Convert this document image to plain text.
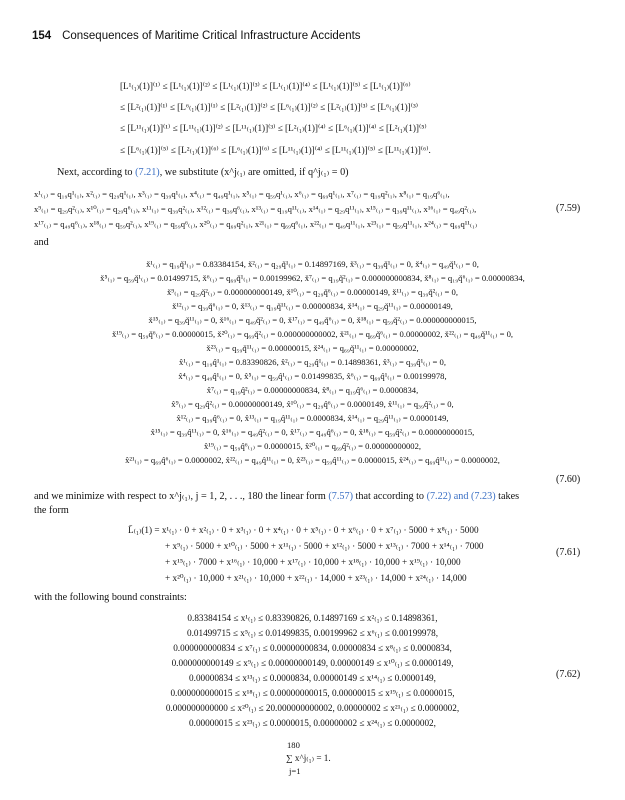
154 Consequences of Maritime Critical Infrastructure Accidents
[L¹₍₁₎(1)]⁽¹⁾ ≤ [L¹₍₁₎(1)]⁽²⁾ ≤ [L¹₍₁₎(1)]⁽³⁾ ≤ [L¹₍₁₎(1)]⁽⁴⁾ ≤ [L¹₍₁₎(1)]⁽⁵⁾ ≤ [L¹₍₁₎(1)]⁽⁶⁾
≤ [L²₍₁₎(1)]⁽¹⁾ ≤ [L⁶₍₁₎(1)]⁽¹⁾ ≤ [L²₍₁₎(1)]⁽²⁾ ≤ [L⁶₍₁₎(1)]⁽²⁾ ≤ [L²₍₁₎(1)]⁽³⁾ ≤ [L⁶₍₁₎(1)]⁽³⁾
≤ [L¹¹₍₁₎(1)]⁽¹⁾ ≤ [L¹¹₍₁₎(1)]⁽²⁾ ≤ [L¹¹₍₁₎(1)]⁽³⁾ ≤ [L²₍₁₎(1)]⁽⁴⁾ ≤ [L⁶₍₁₎(1)]⁽⁴⁾ ≤ [L²₍₁₎(1)]⁽⁵⁾
≤ [L⁶₍₁₎(1)]⁽⁵⁾ ≤ [L²₍₁₎(1)]⁽⁶⁾ ≤ [L⁶₍₁₎(1)]⁽⁶⁾ ≤ [L¹¹₍₁₎(1)]⁽⁴⁾ ≤ [L¹¹₍₁₎(1)]⁽⁵⁾ ≤ [L¹¹₍₁₎(1)]⁽⁶⁾.
Next, according to (7.21), we substitute (x^j₍₁₎ are omitted, if q^j₍₁₎ = 0)
x¹₍₁₎ = q₁₉q¹₍₁₎, x²₍₁₎ = q₂₉q¹₍₁₎, x³₍₁₎ = q₃₉q¹₍₁₎, x⁴₍₁₎ = q₄₉q¹₍₁₎, x⁵₍₁₎ = q₅₉q¹₍₁₎, x⁶₍₁₎ = q₆₉q¹₍₁₎, x⁷₍₁₎ = q₁₉q²₍₁₎, x⁸₍₁₎ = q₁₉q⁶₍₁₎,
x⁹₍₁₎ = q₂₉q²₍₁₎, x¹⁰₍₁₎ = q₂₉q⁶₍₁₎, x¹¹₍₁₎ = q₃₉q²₍₁₎, x¹²₍₁₎ = q₃₉q⁶₍₁₎, x¹³₍₁₎ = q₁₉q¹¹₍₁₎, x¹⁴₍₁₎ = q₂₉q¹¹₍₁₎, x¹⁵₍₁₎ = q₃₉q¹¹₍₁₎, x¹⁶₍₁₎ = q₄₉q²₍₁₎,
x¹⁷₍₁₎ = q₄₉q⁶₍₁₎, x¹⁸₍₁₎ = q₅₉q²₍₁₎, x¹⁹₍₁₎ = q₅₉q⁶₍₁₎, x²⁰₍₁₎ = q₆₉q²₍₁₎, x²¹₍₁₎ = q₆₉q⁶₍₁₎, x²²₍₁₎ = q₄₉q¹¹₍₁₎, x²³₍₁₎ = q₅₉q¹¹₍₁₎, x²⁴₍₁₎ = q₆₉q¹¹₍₁₎
(7.59)
and
x̌¹₍₁₎ = q₁₉q̌¹₍₁₎ = 0.83384154, x̌²₍₁₎ = q₂₉q̌¹₍₁₎ = 0.14897169, x̌³₍₁₎ = q₃₉q̌¹₍₁₎ = 0, x̌⁴₍₁₎ = q₄₉q̌¹₍₁₎ = 0,
x̌⁵₍₁₎ = q₅₉q̌¹₍₁₎ = 0.01499715, x̌⁶₍₁₎ = q₆₉q̌¹₍₁₎ = 0.00199962, x̌⁷₍₁₎ = q₁₉q̌²₍₁₎ = 0.000000000834, x̌⁸₍₁₎ = q₁₉q̌⁶₍₁₎ = 0.00000834,
x̌⁹₍₁₎ = q₂₉q̌²₍₁₎ = 0.000000000149, x̌¹⁰₍₁₎ = q₂₉q̌⁶₍₁₎ = 0.00000149, x̌¹¹₍₁₎ = q₃₉q̌²₍₁₎ = 0,
x̌¹²₍₁₎ = q₃₉q̌⁶₍₁₎ = 0, x̌¹³₍₁₎ = q₁₉q̌¹¹₍₁₎ = 0.00000834, x̌¹⁴₍₁₎ = q₂₉q̌¹¹₍₁₎ = 0.00000149,
x̌¹⁵₍₁₎ = q₃₉q̌¹¹₍₁₎ = 0, x̌¹⁶₍₁₎ = q₄₉q̌²₍₁₎ = 0, x̌¹⁷₍₁₎ = q₄₉q̌⁶₍₁₎ = 0, x̌¹⁸₍₁₎ = q₅₉q̌²₍₁₎ = 0.000000000015,
x̌¹⁹₍₁₎ = q₅₉q̌⁶₍₁₎ = 0.00000015, x̌²⁰₍₁₎ = q₆₉q̌²₍₁₎ = 0.000000000002, x̌²¹₍₁₎ = q₆₉q̌⁶₍₁₎ = 0.00000002, x̌²²₍₁₎ = q₄₉q̌¹¹₍₁₎ = 0,
x̌²³₍₁₎ = q₅₉q̌¹¹₍₁₎ = 0.00000015, x̌²⁴₍₁₎ = q₆₉q̌¹¹₍₁₎ = 0.00000002,
x̂¹₍₁₎ = q₁₉q̂¹₍₁₎ = 0.83390826, x̂²₍₁₎ = q₂₉q̂¹₍₁₎ = 0.14898361, x̂³₍₁₎ = q₃₉q̂¹₍₁₎ = 0,
x̂⁴₍₁₎ = q₄₉q̂¹₍₁₎ = 0, x̂⁵₍₁₎ = q₅₉q̂¹₍₁₎ = 0.01499835, x̂⁶₍₁₎ = q₆₉q̂¹₍₁₎ = 0.00199978,
x̂⁷₍₁₎ = q₁₉q̂²₍₁₎ = 0.00000000834, x̂⁸₍₁₎ = q₁₉q̂⁶₍₁₎ = 0.0000834,
x̂⁹₍₁₎ = q₂₉q̂²₍₁₎ = 0.00000000149, x̂¹⁰₍₁₎ = q₂₉q̂⁶₍₁₎ = 0.0000149, x̂¹¹₍₁₎ = q₃₉q̂²₍₁₎ = 0,
x̂¹²₍₁₎ = q₃₉q̂⁶₍₁₎ = 0, x̂¹³₍₁₎ = q₁₉q̂¹¹₍₁₎ = 0.0000834, x̂¹⁴₍₁₎ = q₂₉q̂¹¹₍₁₎ = 0.0000149,
x̂¹⁵₍₁₎ = q₃₉q̂¹¹₍₁₎ = 0, x̂¹⁶₍₁₎ = q₄₉q̂²₍₁₎ = 0, x̂¹⁷₍₁₎ = q₄₉q̂⁶₍₁₎ = 0, x̂¹⁸₍₁₎ = q₅₉q̂²₍₁₎ = 0.00000000015,
x̂¹⁹₍₁₎ = q₅₉q̂⁶₍₁₎ = 0.0000015, x̂²⁰₍₁₎ = q₆₉q̂²₍₁₎ = 0.00000000002,
x̂²¹₍₁₎ = q₆₉q̂⁶₍₁₎ = 0.0000002, x̂²²₍₁₎ = q₄₉q̂¹¹₍₁₎ = 0, x̂²³₍₁₎ = q₅₉q̂¹¹₍₁₎ = 0.0000015, x̂²⁴₍₁₎ = q₆₉q̂¹¹₍₁₎ = 0.0000002,
(7.60)
and we minimize with respect to x^j₍₁₎, j = 1, 2, . . ., 180 the linear form (7.57) that according to (7.22) and (7.23) takes
the form
L̄₍₁₎(1) = x¹₍₁₎ · 0 + x²₍₁₎ · 0 + x³₍₁₎ · 0 + x⁴₍₁₎ · 0 + x⁵₍₁₎ · 0 + x⁶₍₁₎ · 0 + x⁷₍₁₎ · 5000 + x⁸₍₁₎ · 5000
+ x⁹₍₁₎ · 5000 + x¹⁰₍₁₎ · 5000 + x¹¹₍₁₎ · 5000 + x¹²₍₁₎ · 5000 + x¹³₍₁₎ · 7000 + x¹⁴₍₁₎ · 7000
+ x¹⁵₍₁₎ · 7000 + x¹⁶₍₁₎ · 10,000 + x¹⁷₍₁₎ · 10,000 + x¹⁸₍₁₎ · 10,000 + x¹⁹₍₁₎ · 10,000
+ x²⁰₍₁₎ · 10,000 + x²¹₍₁₎ · 10,000 + x²²₍₁₎ · 14,000 + x²³₍₁₎ · 14,000 + x²⁴₍₁₎ · 14,000
(7.61)
with the following bound constraints:
0.83384154 ≤ x¹₍₁₎ ≤ 0.83390826, 0.14897169 ≤ x²₍₁₎ ≤ 0.14898361,
0.01499715 ≤ x⁵₍₁₎ ≤ 0.01499835, 0.00199962 ≤ x⁶₍₁₎ ≤ 0.00199978,
0.000000000834 ≤ x⁷₍₁₎ ≤ 0.00000000834, 0.00000834 ≤ x⁸₍₁₎ ≤ 0.0000834,
0.000000000149 ≤ x⁹₍₁₎ ≤ 0.00000000149, 0.00000149 ≤ x¹⁰₍₁₎ ≤ 0.0000149,
0.00000834 ≤ x¹³₍₁₎ ≤ 0.0000834, 0.00000149 ≤ x¹⁴₍₁₎ ≤ 0.0000149,
0.000000000015 ≤ x¹⁸₍₁₎ ≤ 0.00000000015, 0.00000015 ≤ x¹⁹₍₁₎ ≤ 0.0000015,
0.000000000000 ≤ x²⁰₍₁₎ ≤ 20.000000000002, 0.00000002 ≤ x²¹₍₁₎ ≤ 0.0000002,
0.00000015 ≤ x²³₍₁₎ ≤ 0.0000015, 0.00000002 ≤ x²⁴₍₁₎ ≤ 0.0000002,
(7.62)
180
∑ x^j₍₁₎ = 1.
j=1
